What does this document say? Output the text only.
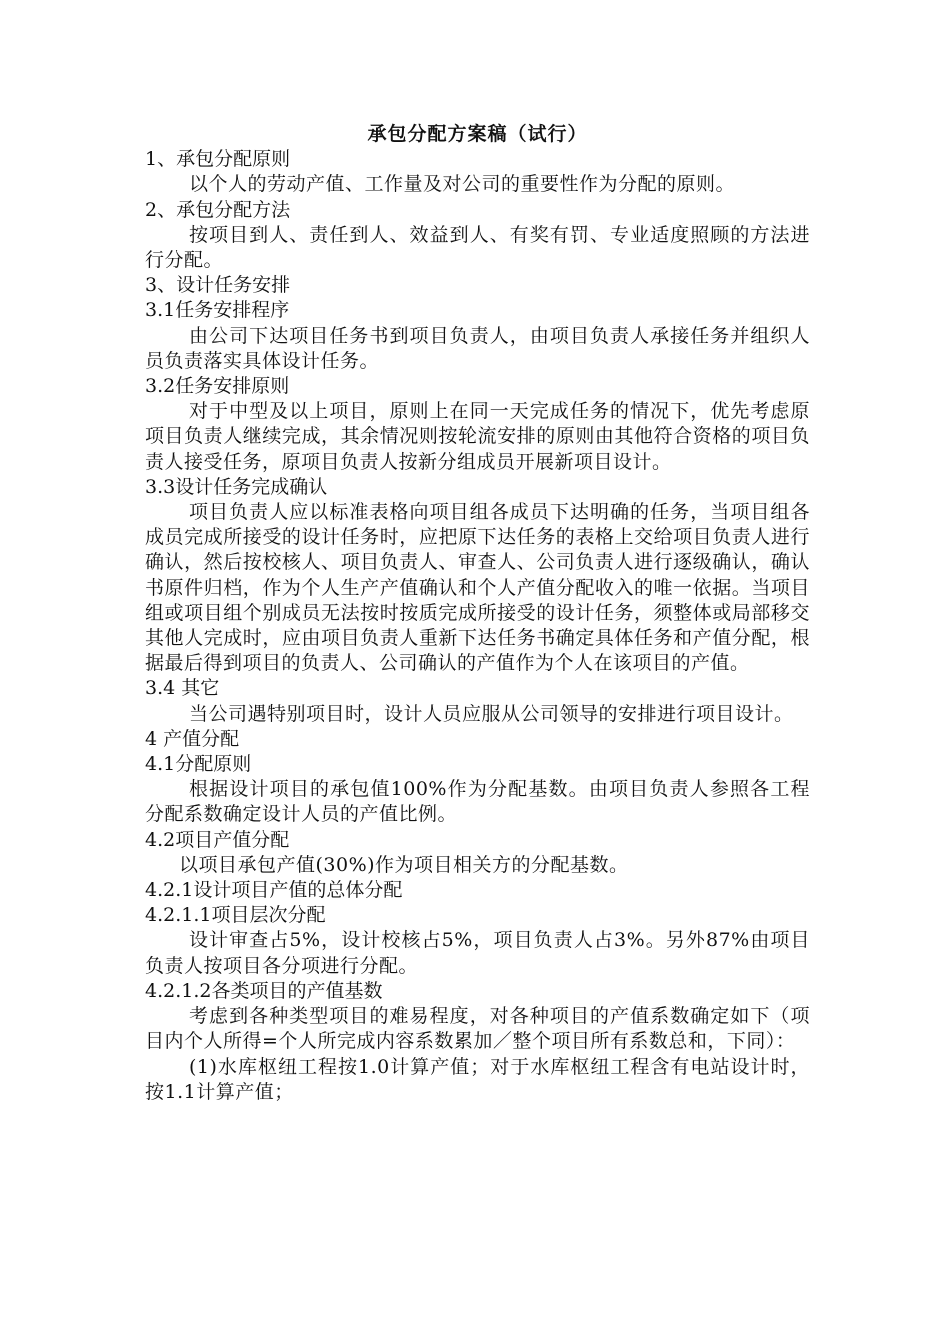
承包分配方案稿（试行）

1、承包分配原则

以个人的劳动产值、工作量及对公司的重要性作为分配的原则。

2、承包分配方法

按项目到人、责任到人、效益到人、有奖有罚、专业适度照顾的方法进行分配。

3、设计任务安排

3.1任务安排程序

由公司下达项目任务书到项目负责人，由项目负责人承接任务并组织人员负责落实具体设计任务。

3.2任务安排原则

对于中型及以上项目，原则上在同一天完成任务的情况下，优先考虑原项目负责人继续完成，其余情况则按轮流安排的原则由其他符合资格的项目负责人接受任务，原项目负责人按新分组成员开展新项目设计。

3.3设计任务完成确认

项目负责人应以标准表格向项目组各成员下达明确的任务，当项目组各成员完成所接受的设计任务时，应把原下达任务的表格上交给项目负责人进行确认，然后按校核人、项目负责人、审查人、公司负责人进行逐级确认，确认书原件归档，作为个人生产产值确认和个人产值分配收入的唯一依据。当项目组或项目组个别成员无法按时按质完成所接受的设计任务，须整体或局部移交其他人完成时，应由项目负责人重新下达任务书确定具体任务和产值分配，根据最后得到项目的负责人、公司确认的产值作为个人在该项目的产值。

3.4 其它

当公司遇特别项目时，设计人员应服从公司领导的安排进行项目设计。

4 产值分配

4.1分配原则

根据设计项目的承包值100%作为分配基数。由项目负责人参照各工程分配系数确定设计人员的产值比例。

4.2项目产值分配

以项目承包产值(30%)作为项目相关方的分配基数。

4.2.1设计项目产值的总体分配

4.2.1.1项目层次分配

设计审查占5%，设计校核占5%，项目负责人占3%。另外87%由项目负责人按项目各分项进行分配。

4.2.1.2各类项目的产值基数

考虑到各种类型项目的难易程度，对各种项目的产值系数确定如下（项目内个人所得=个人所完成内容系数累加／整个项目所有系数总和，下同）：

(1)水库枢纽工程按1.0计算产值；对于水库枢纽工程含有电站设计时，按1.1计算产值；
